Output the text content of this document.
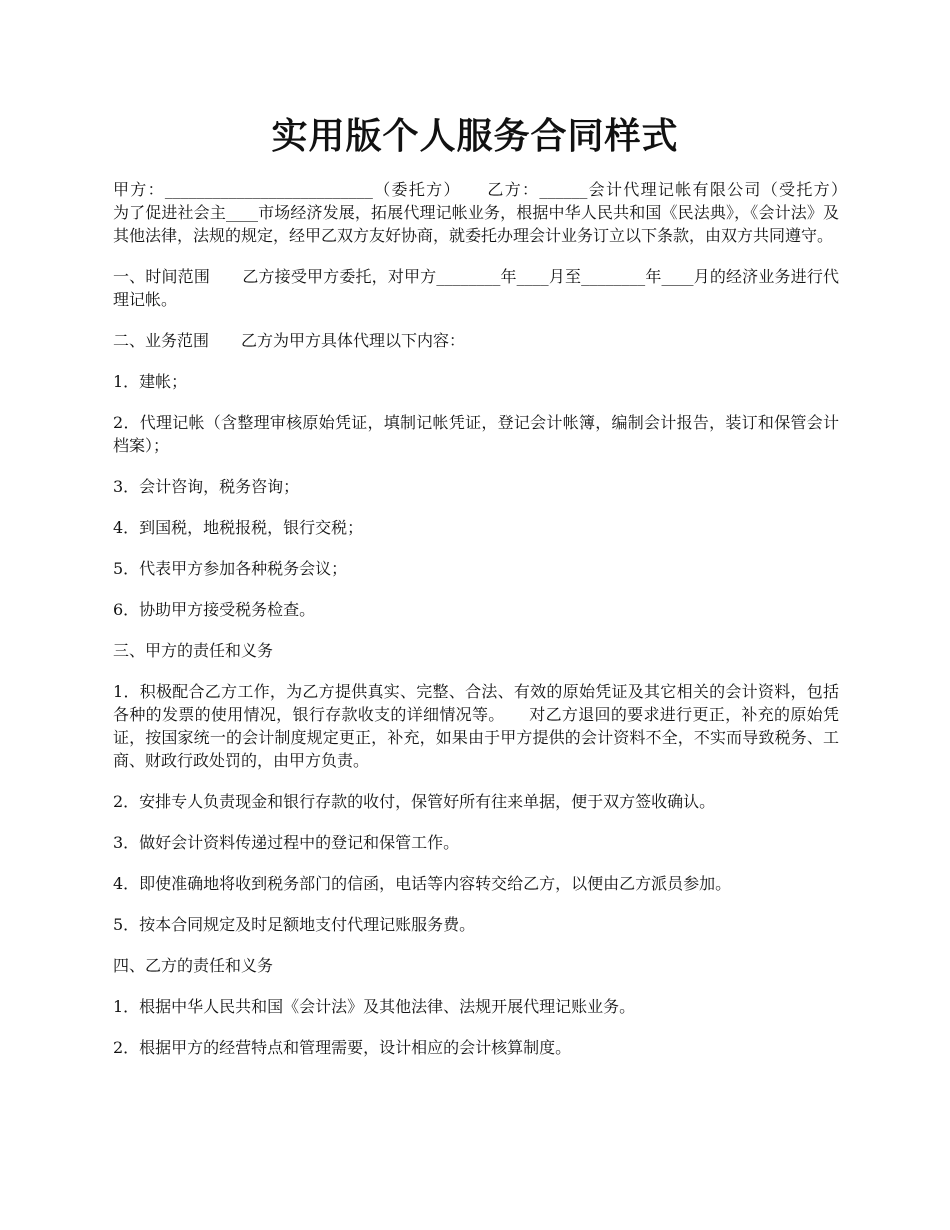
实用版个人服务合同样式

甲方：__________________________（委托方）　　乙方：______会计代理记帐有限公司（受托方）　　为了促进社会主____市场经济发展，拓展代理记帐业务，根据中华人民共和国《民法典》，《会计法》及其他法律，法规的规定，经甲乙双方友好协商，就委托办理会计业务订立以下条款，由双方共同遵守。

一、时间范围　　乙方接受甲方委托，对甲方________年____月至________年____月的经济业务进行代理记帐。

二、业务范围　　乙方为甲方具体代理以下内容：

1．建帐；

2．代理记帐（含整理审核原始凭证，填制记帐凭证，登记会计帐簿，编制会计报告，装订和保管会计档案）；

3．会计咨询，税务咨询；

4．到国税，地税报税，银行交税；

5．代表甲方参加各种税务会议；

6．协助甲方接受税务检查。

三、甲方的责任和义务

1．积极配合乙方工作，为乙方提供真实、完整、合法、有效的原始凭证及其它相关的会计资料，包括各种的发票的使用情况，银行存款收支的详细情况等。　　对乙方退回的要求进行更正，补充的原始凭证，按国家统一的会计制度规定更正，补充，如果由于甲方提供的会计资料不全，不实而导致税务、工商、财政行政处罚的，由甲方负责。

2．安排专人负责现金和银行存款的收付，保管好所有往来单据，便于双方签收确认。

3．做好会计资料传递过程中的登记和保管工作。

4．即使准确地将收到税务部门的信函，电话等内容转交给乙方，以便由乙方派员参加。

5．按本合同规定及时足额地支付代理记账服务费。

四、乙方的责任和义务

1．根据中华人民共和国《会计法》及其他法律、法规开展代理记账业务。

2．根据甲方的经营特点和管理需要，设计相应的会计核算制度。
